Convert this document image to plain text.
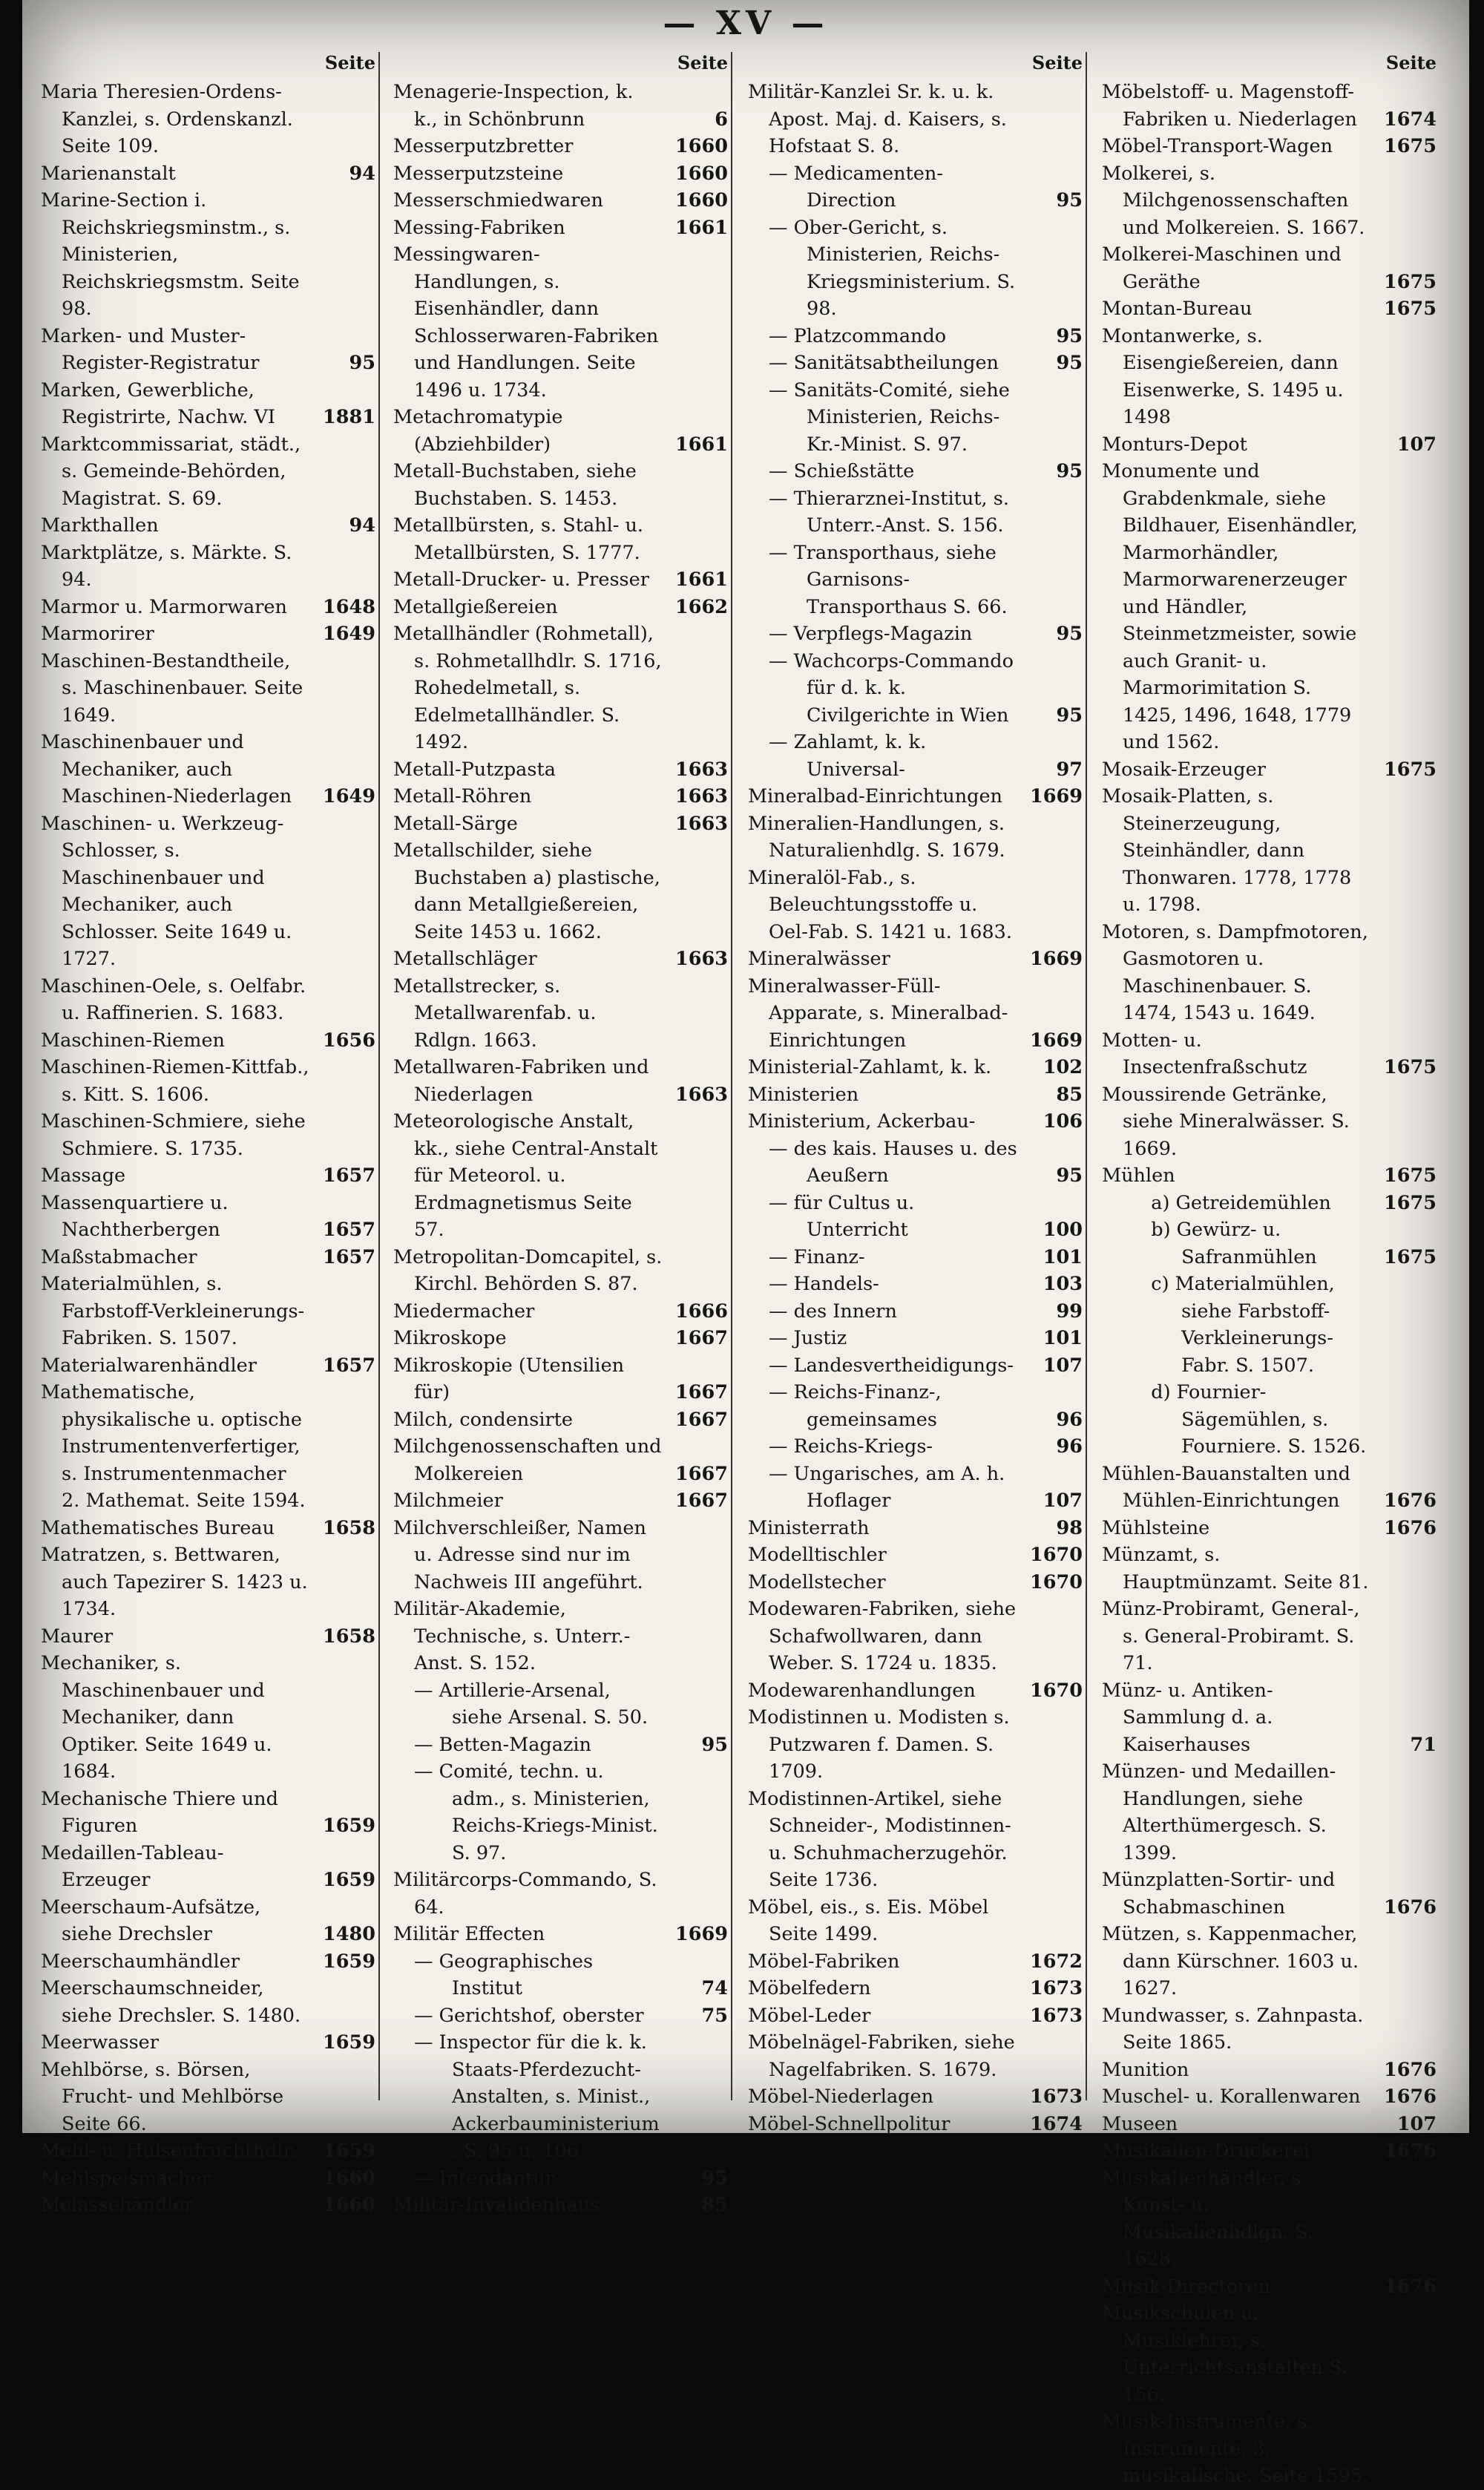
— XV —
Seite
Maria Theresien-Ordens-Kanzlei, s. Ordenskanzl. Seite 109.
Marienanstalt	94
Marine-Section i. Reichskriegsminstm., s. Ministerien, Reichskriegsmstm. Seite 98.
Marken- und Muster-Register-Registratur	95
Marken, Gewerbliche, Registrirte, Nachw. VI	1881
Marktcommissariat, städt., s. Gemeinde-Behörden, Magistrat. S. 69.
Markthallen	94
Marktplätze, s. Märkte. S. 94.
Marmor u. Marmorwaren	1648
Marmorirer	1649
Maschinen-Bestandtheile, s. Maschinenbauer. Seite 1649.
Maschinenbauer und Mechaniker, auch Maschinen-Niederlagen	1649
Maschinen- u. Werkzeug-Schlosser, s. Maschinenbauer und Mechaniker, auch Schlosser. Seite 1649 u. 1727.
Maschinen-Oele, s. Oelfabr. u. Raffinerien. S. 1683.
Maschinen-Riemen	1656
Maschinen-Riemen-Kittfab., s. Kitt. S. 1606.
Maschinen-Schmiere, siehe Schmiere. S. 1735.
Massage	1657
Massenquartiere u. Nachtherbergen	1657
Maßstabmacher	1657
Materialmühlen, s. Farbstoff-Verkleinerungs-Fabriken. S. 1507.
Materialwarenhändler	1657
Mathematische, physikalische u. optische Instrumentenverfertiger, s. Instrumentenmacher 2. Mathemat. Seite 1594.
Mathematisches Bureau	1658
Matratzen, s. Bettwaren, auch Tapezirer S. 1423 u. 1734.
Maurer	1658
Mechaniker, s. Maschinenbauer und Mechaniker, dann Optiker. Seite 1649 u. 1684.
Mechanische Thiere und Figuren	1659
Medaillen-Tableau-Erzeuger	1659
Meerschaum-Aufsätze, siehe Drechsler	1480
Meerschaumhändler	1659
Meerschaumschneider, siehe Drechsler. S. 1480.
Meerwasser	1659
Mehlbörse, s. Börsen, Frucht- und Mehlbörse Seite 66.
Mehl- u. Hülsenfruchthdlr.	1659
Mehlspeismacher	1660
Melassehändler	1660
Seite
Menagerie-Inspection, k. k., in Schönbrunn	6
Messerputzbretter	1660
Messerputzsteine	1660
Messerschmiedwaren	1660
Messing-Fabriken	1661
Messingwaren-Handlungen, s. Eisenhändler, dann Schlosserwaren-Fabriken und Handlungen. Seite 1496 u. 1734.
Metachromatypie (Abziehbilder)	1661
Metall-Buchstaben, siehe Buchstaben. S. 1453.
Metallbürsten, s. Stahl- u. Metallbürsten, S. 1777.
Metall-Drucker- u. Presser	1661
Metallgießereien	1662
Metallhändler (Rohmetall), s. Rohmetallhdlr. S. 1716, Rohedelmetall, s. Edelmetallhändler. S. 1492.
Metall-Putzpasta	1663
Metall-Röhren	1663
Metall-Särge	1663
Metallschilder, siehe Buchstaben a) plastische, dann Metallgießereien, Seite 1453 u. 1662.
Metallschläger	1663
Metallstrecker, s. Metallwarenfab. u. Rdlgn. 1663.
Metallwaren-Fabriken und Niederlagen	1663
Meteorologische Anstalt, kk., siehe Central-Anstalt für Meteorol. u. Erdmagnetismus Seite 57.
Metropolitan-Domcapitel, s. Kirchl. Behörden S. 87.
Miedermacher	1666
Mikroskope	1667
Mikroskopie (Utensilien für)	1667
Milch, condensirte	1667
Milchgenossenschaften und Molkereien	1667
Milchmeier	1667
Milchverschleißer, Namen u. Adresse sind nur im Nachweis III angeführt.
Militär-Akademie, Technische, s. Unterr.-Anst. S. 152.
— Artillerie-Arsenal, siehe Arsenal. S. 50.
— Betten-Magazin	95
— Comité, techn. u. adm., s. Ministerien, Reichs-Kriegs-Minist. S. 97.
Militärcorps-Commando, S. 64.
Militär Effecten	1669
— Geographisches Institut	74
— Gerichtshof, oberster	75
— Inspector für die k. k. Staats-Pferdezucht-Anstalten, s. Minist., Ackerbauministerium. S. 95 u. 106.
— Intendantur	95
Militär-Invalidenhaus	85
Seite
Militär-Kanzlei Sr. k. u. k. Apost. Maj. d. Kaisers, s. Hofstaat S. 8.
— Medicamenten-Direction	95
— Ober-Gericht, s. Ministerien, Reichs-Kriegsministerium. S. 98.
— Platzcommando	95
— Sanitätsabtheilungen	95
— Sanitäts-Comité, siehe Ministerien, Reichs-Kr.-Minist. S. 97.
— Schießstätte	95
— Thierarznei-Institut, s. Unterr.-Anst. S. 156.
— Transporthaus, siehe Garnisons-Transporthaus S. 66.
— Verpflegs-Magazin	95
— Wachcorps-Commando für d. k. k. Civilgerichte in Wien	95
— Zahlamt, k. k. Universal-	97
Mineralbad-Einrichtungen	1669
Mineralien-Handlungen, s. Naturalienhdlg. S. 1679.
Mineralöl-Fab., s. Beleuchtungsstoffe u. Oel-Fab. S. 1421 u. 1683.
Mineralwässer	1669
Mineralwasser-Füll-Apparate, s. Mineralbad-Einrichtungen	1669
Ministerial-Zahlamt, k. k.	102
Ministerien	85
Ministerium, Ackerbau-	106
— des kais. Hauses u. des Aeußern	95
— für Cultus u. Unterricht	100
— Finanz-	101
— Handels-	103
— des Innern	99
— Justiz	101
— Landesvertheidigungs-	107
— Reichs-Finanz-, gemeinsames	96
— Reichs-Kriegs-	96
— Ungarisches, am A. h. Hoflager	107
Ministerrath	98
Modelltischler	1670
Modellstecher	1670
Modewaren-Fabriken, siehe Schafwollwaren, dann Weber. S. 1724 u. 1835.
Modewarenhandlungen	1670
Modistinnen u. Modisten s. Putzwaren f. Damen. S. 1709.
Modistinnen-Artikel, siehe Schneider-, Modistinnen- u. Schuhmacherzugehör. Seite 1736.
Möbel, eis., s. Eis. Möbel Seite 1499.
Möbel-Fabriken	1672
Möbelfedern	1673
Möbel-Leder	1673
Möbelnägel-Fabriken, siehe Nagelfabriken. S. 1679.
Möbel-Niederlagen	1673
Möbel-Schnellpolitur	1674
Seite
Möbelstoff- u. Magenstoff-Fabriken u. Niederlagen	1674
Möbel-Transport-Wagen	1675
Molkerei, s. Milchgenossenschaften und Molkereien. S. 1667.
Molkerei-Maschinen und Geräthe	1675
Montan-Bureau	1675
Montanwerke, s. Eisengießereien, dann Eisenwerke, S. 1495 u. 1498
Monturs-Depot	107
Monumente und Grabdenkmale, siehe Bildhauer, Eisenhändler, Marmorhändler, Marmorwarenerzeuger und Händler, Steinmetzmeister, sowie auch Granit- u. Marmorimitation S. 1425, 1496, 1648, 1779 und 1562.
Mosaik-Erzeuger	1675
Mosaik-Platten, s. Steinerzeugung, Steinhändler, dann Thonwaren. 1778, 1778 u. 1798.
Motoren, s. Dampfmotoren, Gasmotoren u. Maschinenbauer. S. 1474, 1543 u. 1649.
Motten- u. Insectenfraßschutz	1675
Moussirende Getränke, siehe Mineralwässer. S. 1669.
Mühlen	1675
a) Getreidemühlen	1675
b) Gewürz- u. Safranmühlen	1675
c) Materialmühlen, siehe Farbstoff-Verkleinerungs-Fabr. S. 1507.
d) Fournier-Sägemühlen, s. Fourniere. S. 1526.
Mühlen-Bauanstalten und Mühlen-Einrichtungen	1676
Mühlsteine	1676
Münzamt, s. Hauptmünzamt. Seite 81.
Münz-Probiramt, General-, s. General-Probiramt. S. 71.
Münz- u. Antiken-Sammlung d. a. Kaiserhauses	71
Münzen- und Medaillen-Handlungen, siehe Alterthümergesch. S. 1399.
Münzplatten-Sortir- und Schabmaschinen	1676
Mützen, s. Kappenmacher, dann Kürschner. 1603 u. 1627.
Mundwasser, s. Zahnpasta. Seite 1865.
Munition	1676
Muschel- u. Korallenwaren	1676
Museen	107
Musikalien-Druckerei	1676
Musikalienhändler, s. Kunst- u. Musikalienhdlgn. S. 1628.
Musik-Directoren	1676
Musikschulen u. Musiklehrer, s. Unterrichtsanstalten S. 156.
Musik-Instrumente, s. Instrumente, 3. musikalische. Seite 1595.
